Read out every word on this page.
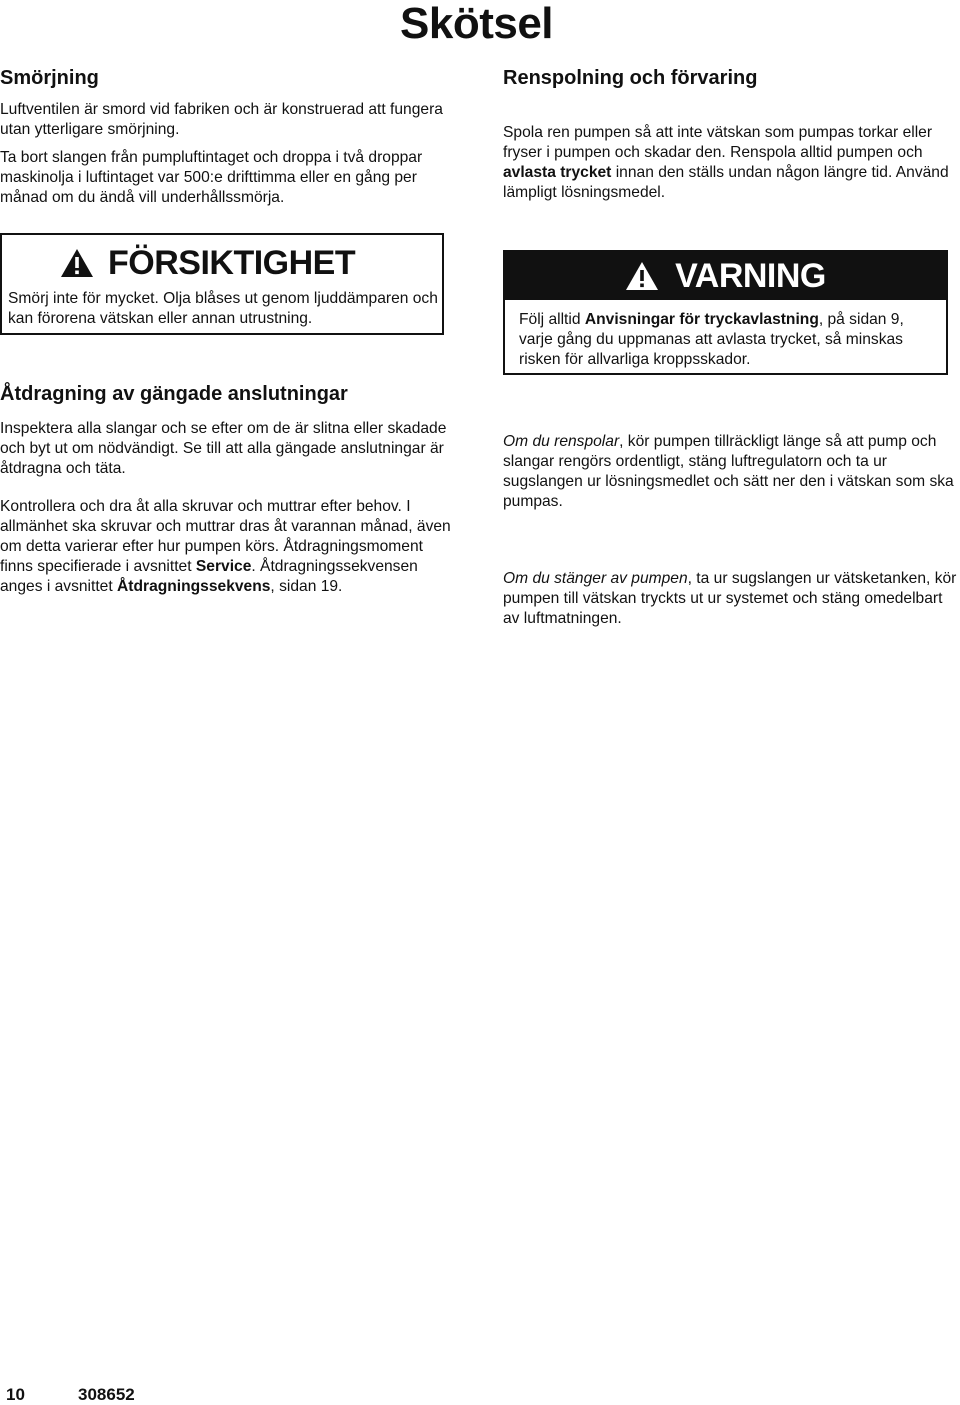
Skötsel
Smörjning

Luftventilen är smord vid fabriken och är konstruerad att fungera utan ytterligare smörjning.

Ta bort slangen från pumpluftintaget och droppa i två droppar maskinolja i luftintaget var 500:e drifttimma eller en gång per månad om du ändå vill underhållssmörja.

FÖRSIKTIGHET

Smörj inte för mycket. Olja blåses ut genom ljuddämparen och kan förorena vätskan eller annan utrustning.

Åtdragning av gängade anslutningar

Inspektera alla slangar och se efter om de är slitna eller skadade och byt ut om nödvändigt. Se till att alla gängade anslutningar är åtdragna och täta.

Kontrollera och dra åt alla skruvar och muttrar efter behov. I allmänhet ska skruvar och muttrar dras åt varannan månad, även om detta varierar efter hur pumpen körs. Åtdragningsmoment finns specifierade i avsnittet Service. Åtdragningssekvensen anges i avsnittet Åtdragningssekvens, sidan 19.

Renspolning och förvaring

Spola ren pumpen så att inte vätskan som pumpas torkar eller fryser i pumpen och skadar den. Renspola alltid pumpen och avlasta trycket innan den ställs undan någon längre tid. Använd lämpligt lösningsmedel.

VARNING

Följ alltid Anvisningar för tryckavlastning, på sidan 9, varje gång du uppmanas att avlasta trycket, så minskas risken för allvarliga kroppsskador.

Om du renspolar, kör pumpen tillräckligt länge så att pump och slangar rengörs ordentligt, stäng luftregulatorn och ta ur sugslangen ur lösningsmedlet och sätt ner den i vätskan som ska pumpas.

Om du stänger av pumpen, ta ur sugslangen ur vätsketanken, kör pumpen till vätskan tryckts ut ur systemet och stäng omedelbart av luftmatningen.

10	308652
